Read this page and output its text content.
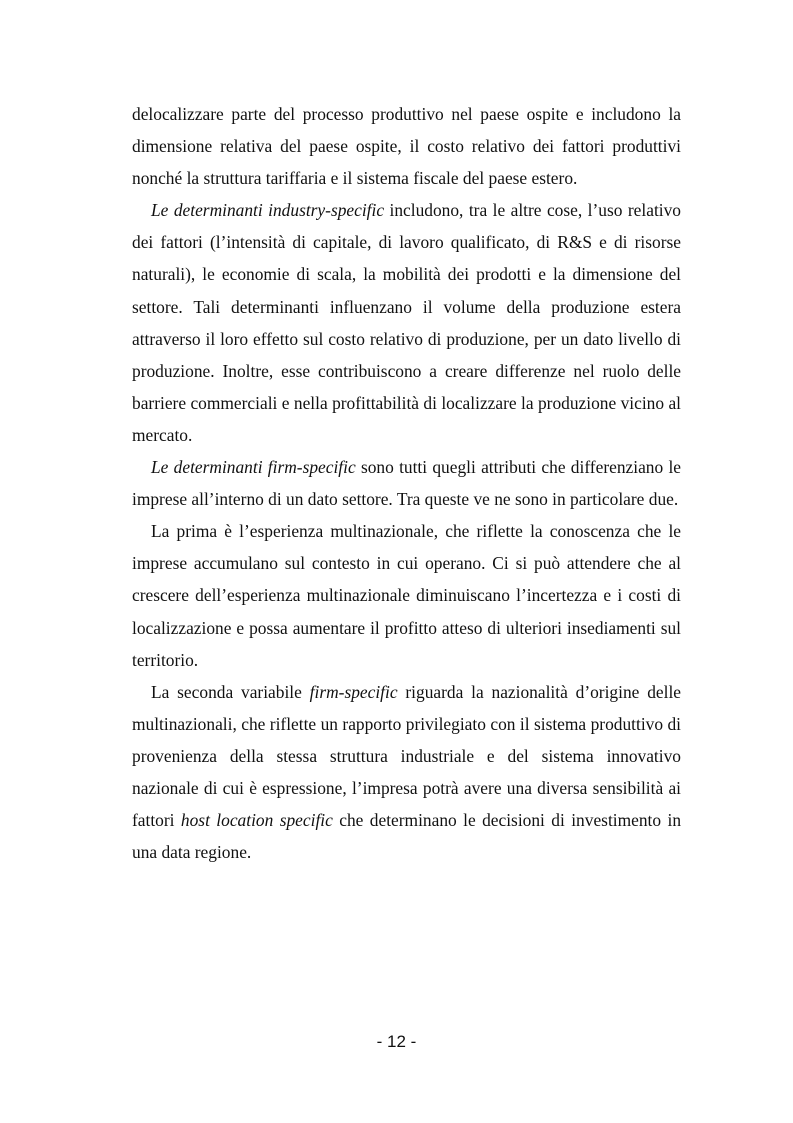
delocalizzare parte del processo produttivo nel paese ospite e includono la dimensione relativa del paese ospite, il costo relativo dei fattori produttivi nonché la struttura tariffaria e il sistema fiscale del paese estero.

Le determinanti industry-specific includono, tra le altre cose, l’uso relativo dei fattori (l’intensità di capitale, di lavoro qualificato, di R&S e di risorse naturali), le economie di scala, la mobilità dei prodotti e la dimensione del settore. Tali determinanti influenzano il volume della produzione estera attraverso il loro effetto sul costo relativo di produzione, per un dato livello di produzione. Inoltre, esse contribuiscono a creare differenze nel ruolo delle barriere commerciali e nella profittabilità di localizzare la produzione vicino al mercato.

Le determinanti firm-specific sono tutti quegli attributi che differenziano le imprese all’interno di un dato settore. Tra queste ve ne sono in particolare due.

La prima è l’esperienza multinazionale, che riflette la conoscenza che le imprese accumulano sul contesto in cui operano. Ci si può attendere che al crescere dell’esperienza multinazionale diminuiscano l’incertezza e i costi di localizzazione e possa aumentare il profitto atteso di ulteriori insediamenti sul territorio.

La seconda variabile firm-specific riguarda la nazionalità d’origine delle multinazionali, che riflette un rapporto privilegiato con il sistema produttivo di provenienza della stessa struttura industriale e del sistema innovativo nazionale di cui è espressione, l’impresa potrà avere una diversa sensibilità ai fattori host location specific che determinano le decisioni di investimento in una data regione.

- 12 -
